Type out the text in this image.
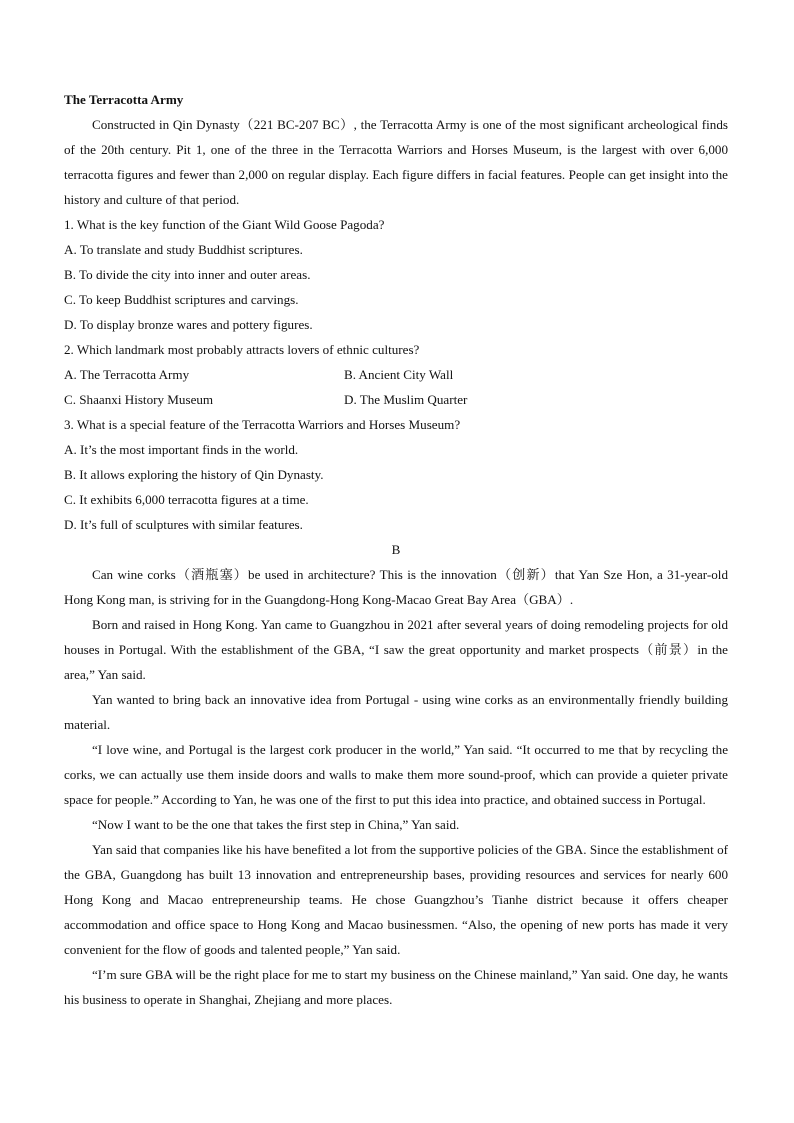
The Terracotta Army

Constructed in Qin Dynasty（221 BC-207 BC）, the Terracotta Army is one of the most significant archeological finds of the 20th century. Pit 1, one of the three in the Terracotta Warriors and Horses Museum, is the largest with over 6,000 terracotta figures and fewer than 2,000 on regular display. Each figure differs in facial features. People can get insight into the history and culture of that period.

1. What is the key function of the Giant Wild Goose Pagoda?

A. To translate and study Buddhist scriptures.

B. To divide the city into inner and outer areas.

C. To keep Buddhist scriptures and carvings.

D. To display bronze wares and pottery figures.

2. Which landmark most probably attracts lovers of ethnic cultures?

A. The Terracotta Army	B. Ancient City Wall
C. Shaanxi History Museum	D. The Muslim Quarter

3. What is a special feature of the Terracotta Warriors and Horses Museum?

A. It’s the most important finds in the world.

B. It allows exploring the history of Qin Dynasty.

C. It exhibits 6,000 terracotta figures at a time.

D. It’s full of sculptures with similar features.

B

Can wine corks（酒瓶塞）be used in architecture? This is the innovation（创新）that Yan Sze Hon, a 31-year-old Hong Kong man, is striving for in the Guangdong-Hong Kong-Macao Great Bay Area（GBA）.

Born and raised in Hong Kong. Yan came to Guangzhou in 2021 after several years of doing remodeling projects for old houses in Portugal. With the establishment of the GBA, “I saw the great opportunity and market prospects（前景）in the area,” Yan said.

Yan wanted to bring back an innovative idea from Portugal - using wine corks as an environmentally friendly building material.

“I love wine, and Portugal is the largest cork producer in the world,” Yan said. “It occurred to me that by recycling the corks, we can actually use them inside doors and walls to make them more sound-proof, which can provide a quieter private space for people.” According to Yan, he was one of the first to put this idea into practice, and obtained success in Portugal.

“Now I want to be the one that takes the first step in China,” Yan said.

Yan said that companies like his have benefited a lot from the supportive policies of the GBA. Since the establishment of the GBA, Guangdong has built 13 innovation and entrepreneurship bases, providing resources and services for nearly 600 Hong Kong and Macao entrepreneurship teams. He chose Guangzhou’s Tianhe district because it offers cheaper accommodation and office space to Hong Kong and Macao businessmen. “Also, the opening of new ports has made it very convenient for the flow of goods and talented people,” Yan said.

“I’m sure GBA will be the right place for me to start my business on the Chinese mainland,” Yan said. One day, he wants his business to operate in Shanghai, Zhejiang and more places.
